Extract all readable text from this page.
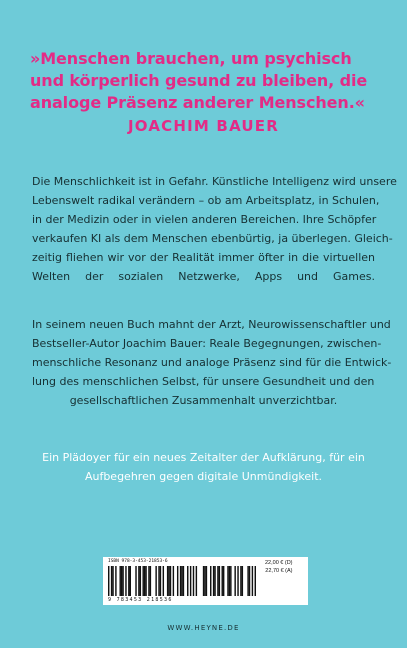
»Menschen brauchen, um psychisch
und körperlich gesund zu bleiben, die
analoge Präsenz anderer Menschen.«
JOACHIM BAUER
Die Menschlichkeit ist in Gefahr. Künstliche Intelligenz wird unsere
Lebenswelt radikal verändern – ob am Arbeitsplatz, in Schulen,
in der Medizin oder in vielen anderen Bereichen. Ihre Schöpfer
verkaufen KI als dem Menschen ebenbürtig, ja überlegen. Gleich-
zeitig fliehen wir vor der Realität immer öfter in die virtuellen
Welten der sozialen Netzwerke, Apps und Games.
In seinem neuen Buch mahnt der Arzt, Neurowissenschaftler und
Bestseller-Autor Joachim Bauer: Reale Begegnungen, zwischen-
menschliche Resonanz und analoge Präsenz sind für die Entwick-
lung des menschlichen Selbst, für unsere Gesundheit und den
gesellschaftlichen Zusammenhalt unverzichtbar.
Ein Plädoyer für ein neues Zeitalter der Aufklärung, für ein
Aufbegehren gegen digitale Unmündigkeit.
ISBN 978-3-453-21853-6
9 783453 218536
22,00 € (D)
22,70 € (A)
WWW.HEYNE.DE
